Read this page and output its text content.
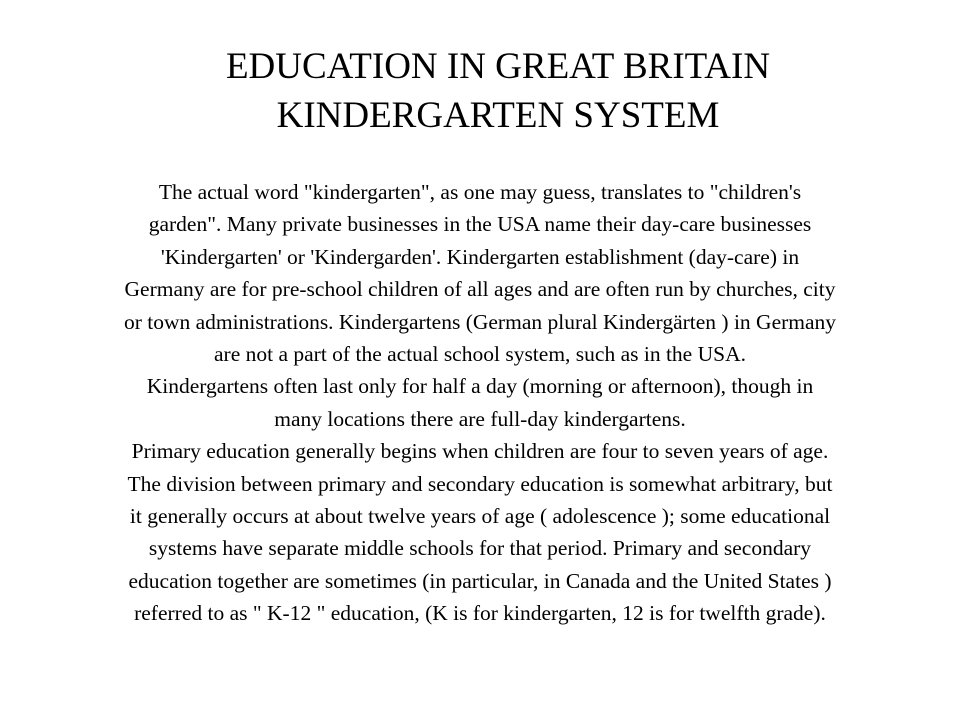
EDUCATION IN GREAT BRITAIN
KINDERGARTEN SYSTEM
The actual word "kindergarten", as one may guess, translates to "children's
garden". Many private businesses in the USA name their day-care businesses
'Kindergarten' or 'Kindergarden'. Kindergarten establishment (day-care) in
Germany are for pre-school children of all ages and are often run by churches, city
or town administrations. Kindergartens (German plural Kindergärten ) in Germany
are not a part of the actual school system, such as in the USA.
Kindergartens often last only for half a day (morning or afternoon), though in
many locations there are full-day kindergartens.
Primary education generally begins when children are four to seven years of age.
The division between primary and secondary education is somewhat arbitrary, but
it generally occurs at about twelve years of age ( adolescence ); some educational
systems have separate middle schools for that period. Primary and secondary
education together are sometimes (in particular, in Canada and the United States )
referred to as " K-12 " education, (K is for kindergarten, 12 is for twelfth grade).
